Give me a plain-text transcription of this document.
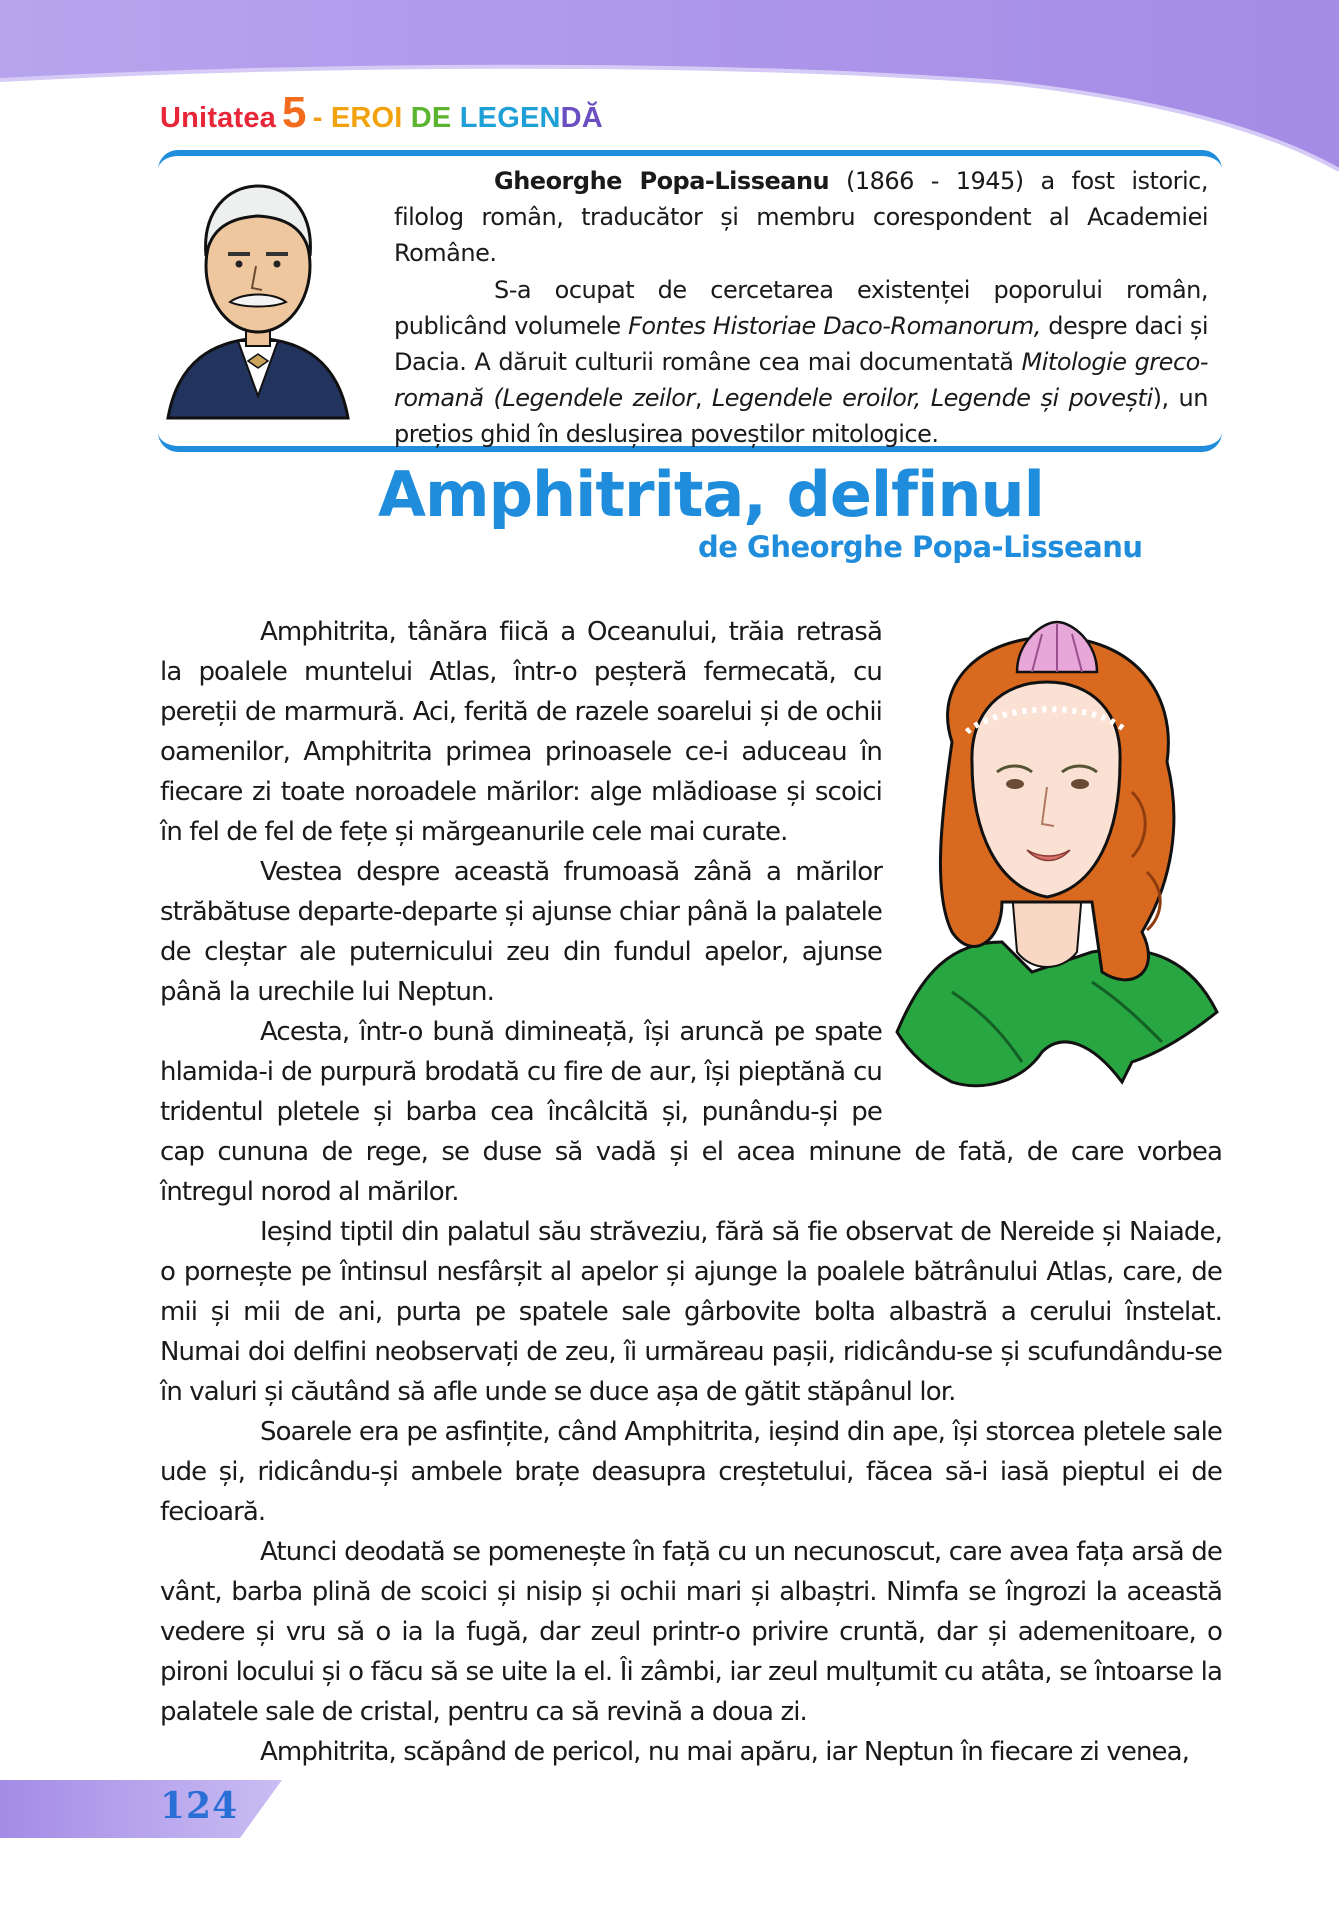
Unitatea 5 - EROI DE LEGENDĂ

Gheorghe Popa-Lisseanu (1866 - 1945) a fost istoric, filolog român, traducător și membru corespondent al Academiei Române.

S-a ocupat de cercetarea existenței poporului român, publicând volumele Fontes Historiae Daco-Romanorum, despre daci și Dacia. A dăruit culturii române cea mai documentată Mitologie greco-romană (Legendele zeilor, Legendele eroilor, Legende și povești), un prețios ghid în deslușirea poveștilor mitologice.

Amphitrita, delfinul
de Gheorghe Popa-Lisseanu

Amphitrita, tânăra fiică a Oceanului, trăia retrasă la poalele muntelui Atlas, într-o peșteră fermecată, cu pereții de marmură. Aci, ferită de razele soarelui și de ochii oamenilor, Amphitrita primea prinoasele ce-i aduceau în fiecare zi toate noroadele mărilor: alge mlădioase și scoici în fel de fel de fețe și mărgeanurile cele mai curate.

Vestea despre această frumoasă zână a mărilor străbătuse departe-departe și ajunse chiar până la palatele de cleștar ale puternicului zeu din fundul apelor, ajunse până la urechile lui Neptun.

Acesta, într-o bună dimineață, își aruncă pe spate hlamida-i de purpură brodată cu fire de aur, își pieptănă cu tridentul pletele și barba cea încâlcită și, punându-și pe cap cununa de rege, se duse să vadă și el acea minune de fată, de care vorbea întregul norod al mărilor.

Ieșind tiptil din palatul său străveziu, fără să fie observat de Nereide și Naiade, o pornește pe întinsul nesfârșit al apelor și ajunge la poalele bătrânului Atlas, care, de mii și mii de ani, purta pe spatele sale gârbovite bolta albastră a cerului înstelat. Numai doi delfini neobservați de zeu, îi urmăreau pașii, ridicându-se și scufundându-se în valuri și căutând să afle unde se duce așa de gătit stăpânul lor.

Soarele era pe asfințite, când Amphitrita, ieșind din ape, își storcea pletele sale ude și, ridicându-și ambele brațe deasupra creștetului, făcea să-i iasă pieptul ei de fecioară.

Atunci deodată se pomenește în față cu un necunoscut, care avea fața arsă de vânt, barba plină de scoici și nisip și ochii mari și albaștri. Nimfa se îngrozi la această vedere și vru să o ia la fugă, dar zeul printr-o privire cruntă, dar și ademenitoare, o pironi locului și o făcu să se uite la el. Îi zâmbi, iar zeul mulțumit cu atâta, se întoarse la palatele sale de cristal, pentru ca să revină a doua zi.

Amphitrita, scăpând de pericol, nu mai apăru, iar Neptun în fiecare zi venea,

124
